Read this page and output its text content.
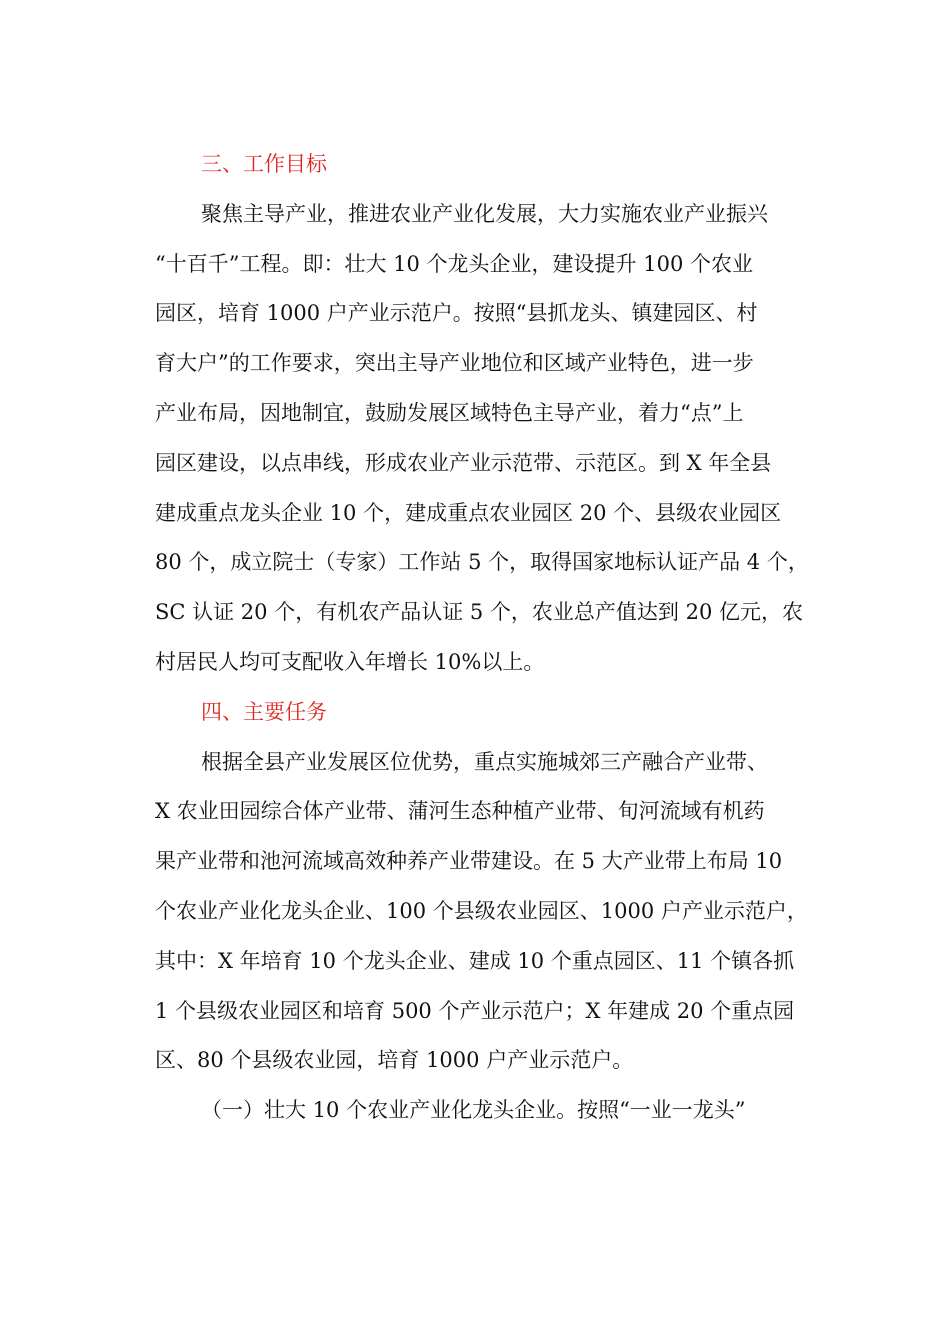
三、工作目标
聚焦主导产业，推进农业产业化发展，大力实施农业产业振兴
“十百千”工程。即：壮大 10 个龙头企业，建设提升 100 个农业
园区，培育 1000 户产业示范户。按照“县抓龙头、镇建园区、村
育大户”的工作要求，突出主导产业地位和区域产业特色，进一步
产业布局，因地制宜，鼓励发展区域特色主导产业，着力“点”上
园区建设，以点串线，形成农业产业示范带、示范区。到 X 年全县
建成重点龙头企业 10 个，建成重点农业园区 20 个、县级农业园区
80 个，成立院士（专家）工作站 5 个，取得国家地标认证产品 4 个，
SC 认证 20 个，有机农产品认证 5 个，农业总产值达到 20 亿元，农
村居民人均可支配收入年增长 10%以上。
四、主要任务
根据全县产业发展区位优势，重点实施城郊三产融合产业带、
X 农业田园综合体产业带、蒲河生态种植产业带、旬河流域有机药
果产业带和池河流域高效种养产业带建设。在 5 大产业带上布局 10
个农业产业化龙头企业、100 个县级农业园区、1000 户产业示范户，
其中：X 年培育 10 个龙头企业、建成 10 个重点园区、11 个镇各抓
1 个县级农业园区和培育 500 个产业示范户；X 年建成 20 个重点园
区、80 个县级农业园，培育 1000 户产业示范户。
（一）壮大 10 个农业产业化龙头企业。按照“一业一龙头”
